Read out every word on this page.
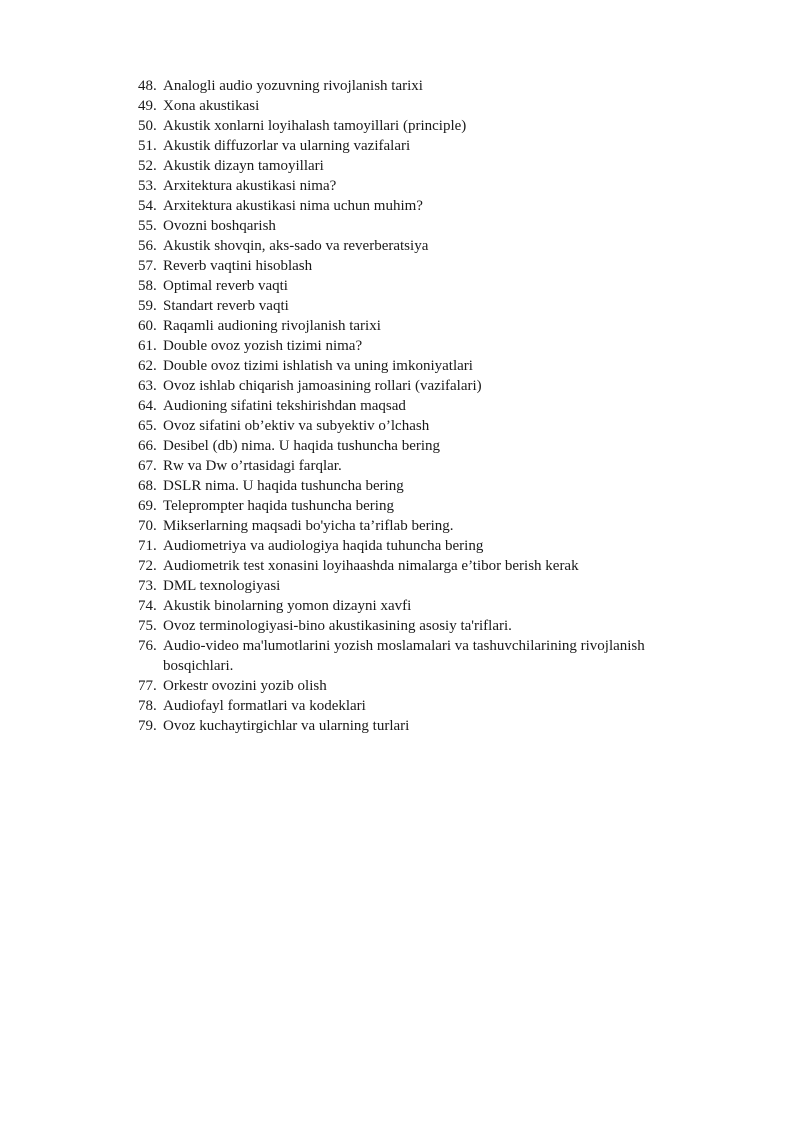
48. Analogli audio yozuvning rivojlanish tarixi
49. Xona akustikasi
50. Akustik xonlarni loyihalash tamoyillari (principle)
51. Akustik diffuzorlar va ularning vazifalari
52. Akustik dizayn tamoyillari
53. Arxitektura akustikasi nima?
54. Arxitektura akustikasi nima uchun muhim?
55. Ovozni boshqarish
56. Akustik shovqin, aks-sado va reverberatsiya
57. Reverb vaqtini hisoblash
58. Optimal reverb vaqti
59. Standart reverb vaqti
60. Raqamli audioning rivojlanish tarixi
61. Double ovoz yozish tizimi nima?
62. Double ovoz tizimi ishlatish va uning imkoniyatlari
63. Ovoz ishlab chiqarish jamoasining rollari (vazifalari)
64. Audioning sifatini tekshirishdan maqsad
65. Ovoz sifatini ob’ektiv va subyektiv o’lchash
66. Desibel (db) nima. U haqida tushuncha bering
67. Rw va Dw o’rtasidagi farqlar.
68. DSLR nima. U haqida tushuncha bering
69. Teleprompter haqida tushuncha bering
70. Mikserlarning maqsadi bo'yicha ta’riflab bering.
71. Audiometriya va audiologiya haqida tuhuncha bering
72. Audiometrik test xonasini loyihaashda nimalarga e’tibor berish kerak
73. DML texnologiyasi
74. Akustik binolarning yomon dizayni xavfi
75. Ovoz terminologiyasi-bino akustikasining asosiy ta'riflari.
76. Audio-video ma'lumotlarini yozish moslamalari va tashuvchilarining rivojlanish bosqichlari.
77. Orkestr ovozini yozib olish
78. Audiofayl formatlari va kodeklari
79. Ovoz kuchaytirgichlar va ularning turlari
